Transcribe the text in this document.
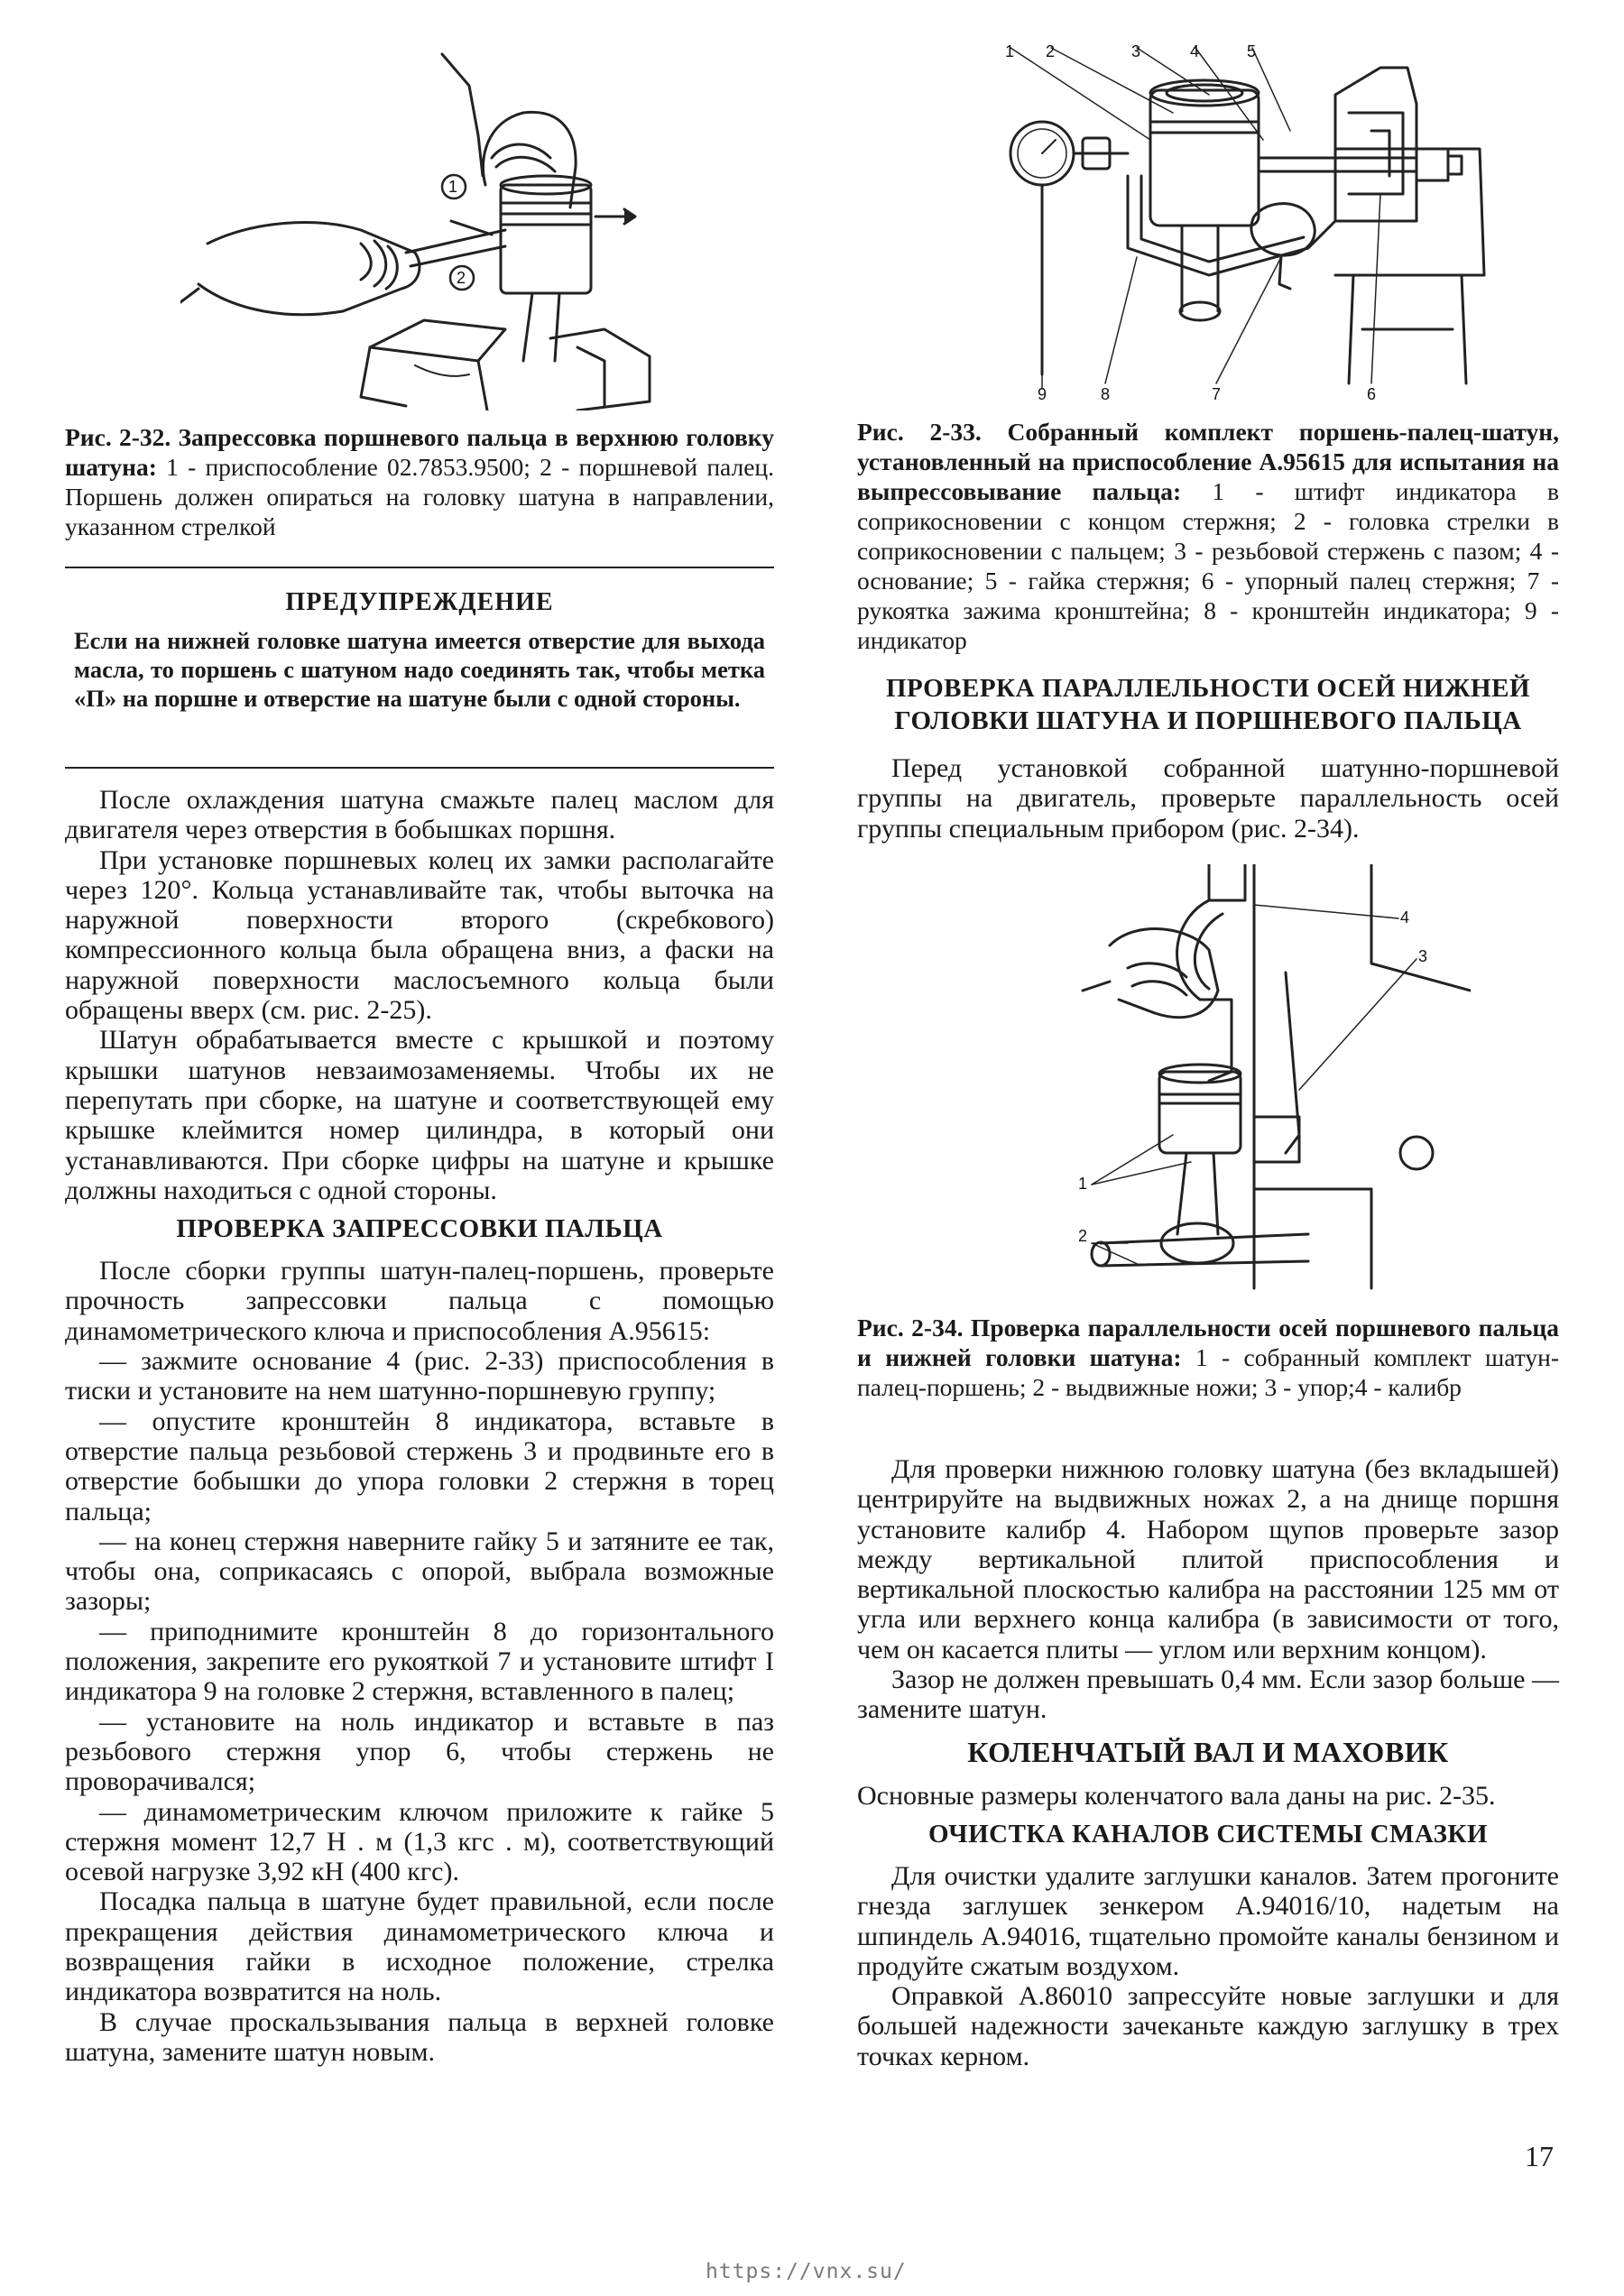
1
2

Рис. 2-32. Запрессовка поршневого пальца в верхнюю головку шатуна: 1 - приспособление 02.7853.9500; 2 - поршневой палец. Поршень должен опираться на головку шатуна в направлении, указанном стрелкой

ПРЕДУПРЕЖДЕНИЕ

Если на нижней головке шатуна имеется отверстие для выхода масла, то поршень с шатуном надо соединять так, чтобы метка «П» на поршне и отверстие на шатуне были с одной стороны.

После охлаждения шатуна смажьте палец маслом для двигателя через отверстия в бобышках поршня.

При установке поршневых колец их замки располагайте через 120°. Кольца устанавливайте так, чтобы выточка на наружной поверхности второго (скребкового) компрессионного кольца была обращена вниз, а фаски на наружной поверхности маслосъемного кольца были обращены вверх (см. рис. 2-25).

Шатун обрабатывается вместе с крышкой и поэтому крышки шатунов невзаимозаменяемы. Чтобы их не перепутать при сборке, на шатуне и соответствующей ему крышке клеймится номер цилиндра, в который они устанавливаются. При сборке цифры на шатуне и крышке должны находиться с одной стороны.

ПРОВЕРКА ЗАПРЕССОВКИ ПАЛЬЦА

После сборки группы шатун-палец-поршень, проверьте прочность запрессовки пальца с помощью динамометрического ключа и приспособления А.95615:

— зажмите основание 4 (рис. 2-33) приспособления в тиски и установите на нем шатунно-поршневую группу;

— опустите кронштейн 8 индикатора, вставьте в отверстие пальца резьбовой стержень 3 и продвиньте его в отверстие бобышки до упора головки 2 стержня в торец пальца;

— на конец стержня наверните гайку 5 и затяните ее так, чтобы она, соприкасаясь с опорой, выбрала возможные зазоры;

— приподнимите кронштейн 8 до горизонтального положения, закрепите его рукояткой 7 и установите штифт I индикатора 9 на головке 2 стержня, вставленного в палец;

— установите на ноль индикатор и вставьте в паз резьбового стержня упор 6, чтобы стержень не проворачивался;

— динамометрическим ключом приложите к гайке 5 стержня момент 12,7 Н . м (1,3 кгс . м), соответствующий осевой нагрузке 3,92 кН (400 кгс).

Посадка пальца в шатуне будет правильной, если после прекращения действия динамометрического ключа и возвращения гайки в исходное положение, стрелка индикатора возвратится на ноль.

В случае проскальзывания пальца в верхней головке шатуна, замените шатун новым.

1 2	3	4	5
9	8	7	6

Рис. 2-33. Собранный комплект поршень-палец-шатун, установленный на приспособление А.95615 для испытания на выпрессовывание пальца: 1 - штифт индикатора в соприкосновении с концом стержня; 2 - головка стрелки в соприкосновении с пальцем; 3 - резьбовой стержень с пазом; 4 - основание; 5 - гайка стержня; 6 - упорный палец стержня; 7 - рукоятка зажима кронштейна; 8 - кронштейн индикатора; 9 - индикатор

ПРОВЕРКА ПАРАЛЛЕЛЬНОСТИ ОСЕЙ НИЖНЕЙ ГОЛОВКИ ШАТУНА И ПОРШНЕВОГО ПАЛЬЦА

Перед установкой собранной шатунно-поршневой группы на двигатель, проверьте параллельность осей группы специальным прибором (рис. 2-34).

4
3
1
2

Рис. 2-34. Проверка параллельности осей поршневого пальца и нижней головки шатуна: 1 - собранный комплект шатун-палец-поршень; 2 - выдвижные ножи; 3 - упор;4 - калибр

Для проверки нижнюю головку шатуна (без вкладышей) центрируйте на выдвижных ножах 2, а на днище поршня установите калибр 4. Набором щупов проверьте зазор между вертикальной плитой приспособления и вертикальной плоскостью калибра на расстоянии 125 мм от угла или верхнего конца калибра (в зависимости от того, чем он касается плиты — углом или верхним концом).

Зазор не должен превышать 0,4 мм. Если зазор больше — замените шатун.

КОЛЕНЧАТЫЙ ВАЛ И МАХОВИК

Основные размеры коленчатого вала даны на рис. 2-35.

ОЧИСТКА КАНАЛОВ СИСТЕМЫ СМАЗКИ

Для очистки удалите заглушки каналов. Затем прогоните гнезда заглушек зенкером А.94016/10, надетым на шпиндель А.94016, тщательно промойте каналы бензином и продуйте сжатым воздухом.

Оправкой А.86010 запрессуйте новые заглушки и для большей надежности зачеканьте каждую заглушку в трех точках керном.

17
https://vnx.su/
